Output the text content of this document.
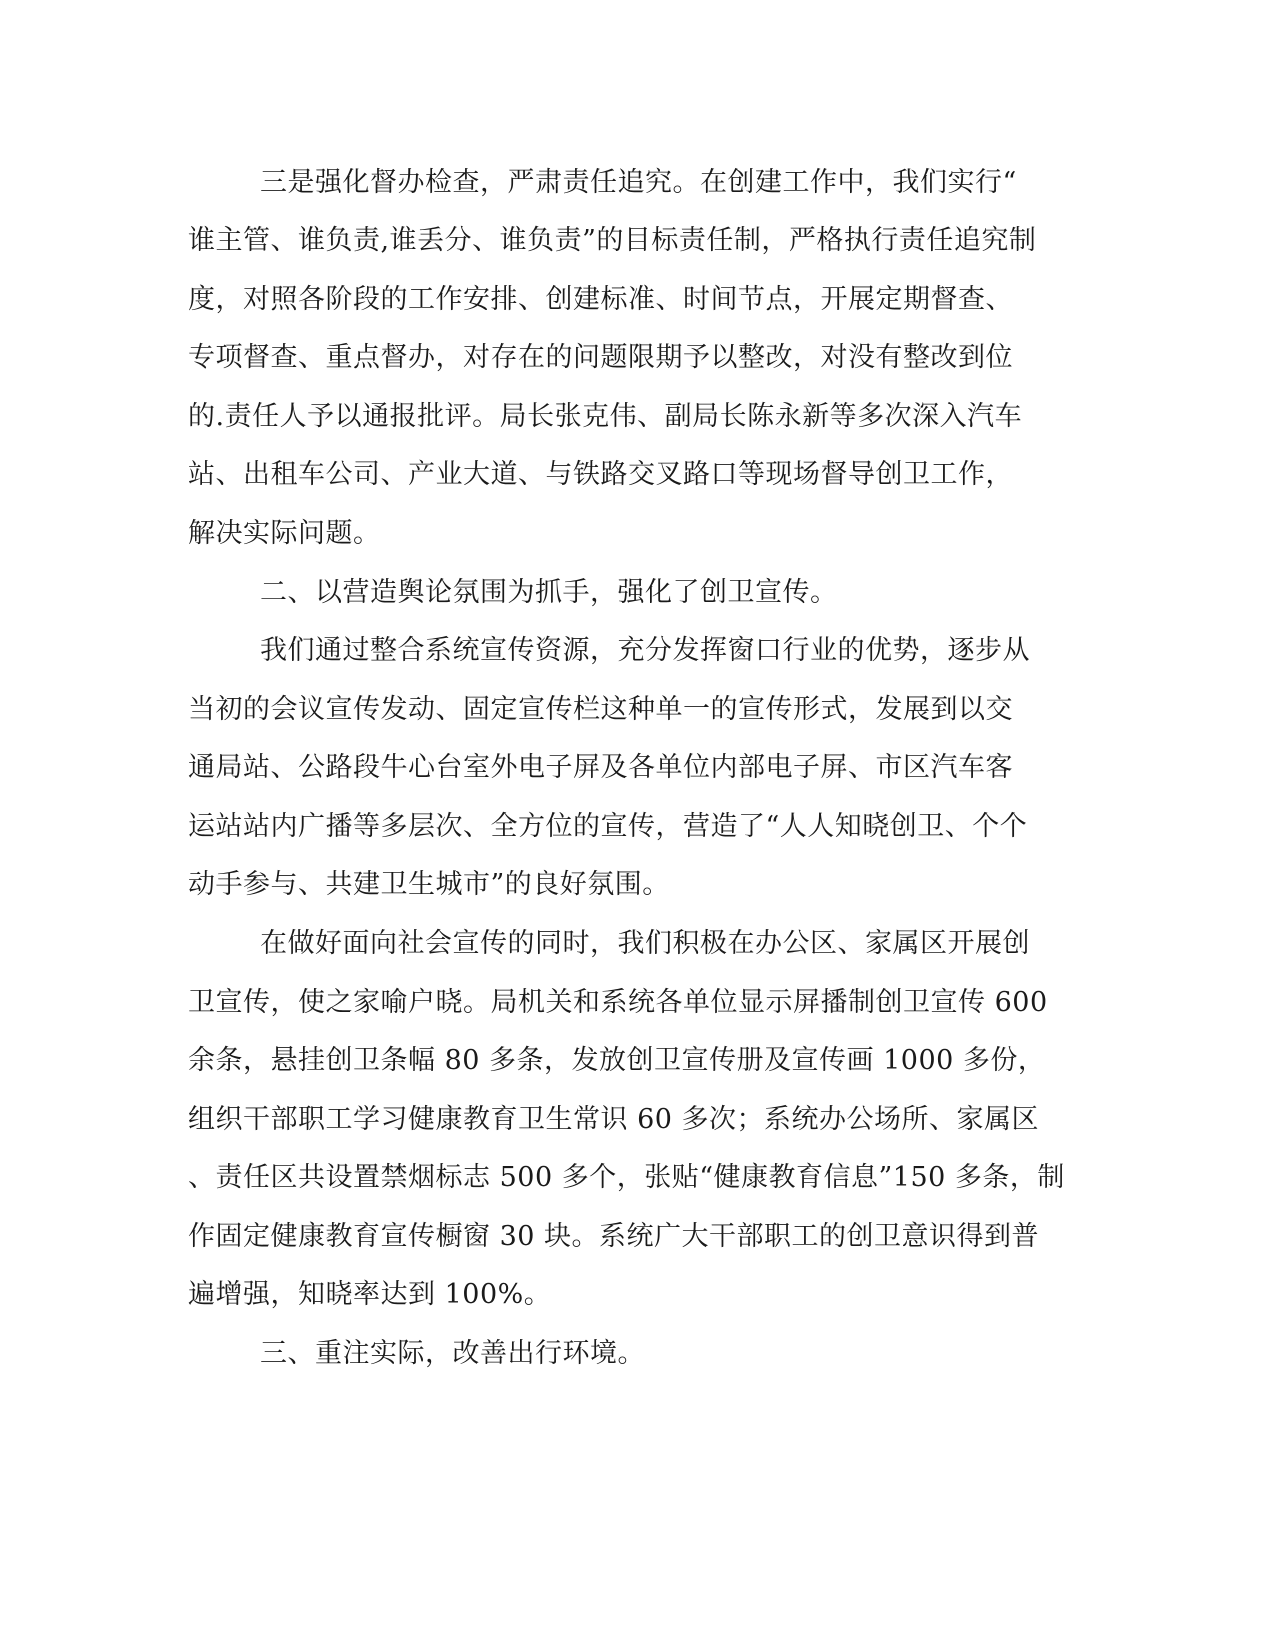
三是强化督办检查，严肃责任追究。在创建工作中，我们实行“
谁主管、谁负责,谁丢分、谁负责”的目标责任制，严格执行责任追究制
度，对照各阶段的工作安排、创建标准、时间节点，开展定期督查、
专项督查、重点督办，对存在的问题限期予以整改，对没有整改到位
的.责任人予以通报批评。局长张克伟、副局长陈永新等多次深入汽车
站、出租车公司、产业大道、与铁路交叉路口等现场督导创卫工作，
解决实际问题。
二、以营造舆论氛围为抓手，强化了创卫宣传。
我们通过整合系统宣传资源，充分发挥窗口行业的优势，逐步从
当初的会议宣传发动、固定宣传栏这种单一的宣传形式，发展到以交
通局站、公路段牛心台室外电子屏及各单位内部电子屏、市区汽车客
运站站内广播等多层次、全方位的宣传，营造了“人人知晓创卫、个个
动手参与、共建卫生城市”的良好氛围。
在做好面向社会宣传的同时，我们积极在办公区、家属区开展创
卫宣传，使之家喻户晓。局机关和系统各单位显示屏播制创卫宣传 600
余条，悬挂创卫条幅 80 多条，发放创卫宣传册及宣传画 1000 多份，
组织干部职工学习健康教育卫生常识 60 多次；系统办公场所、家属区
、责任区共设置禁烟标志 500 多个，张贴“健康教育信息”150 多条，制
作固定健康教育宣传橱窗 30 块。系统广大干部职工的创卫意识得到普
遍增强，知晓率达到 100%。
三、重注实际，改善出行环境。
